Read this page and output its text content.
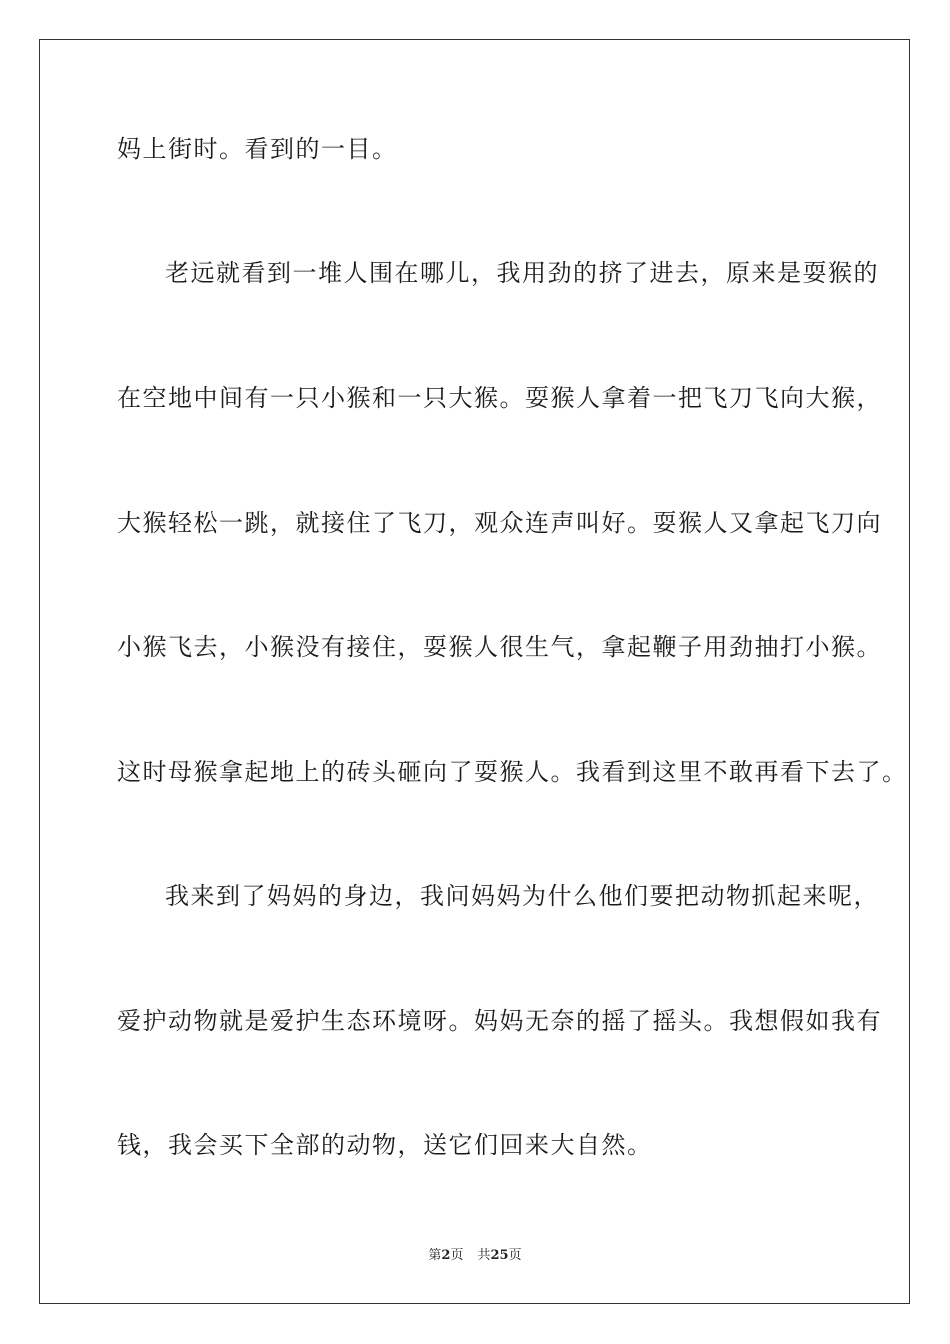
妈上街时。看到的一目。
老远就看到一堆人围在哪儿，我用劲的挤了进去，原来是耍猴的
在空地中间有一只小猴和一只大猴。耍猴人拿着一把飞刀飞向大猴，
大猴轻松一跳，就接住了飞刀，观众连声叫好。耍猴人又拿起飞刀向
小猴飞去，小猴没有接住，耍猴人很生气，拿起鞭子用劲抽打小猴。
这时母猴拿起地上的砖头砸向了耍猴人。我看到这里不敢再看下去了。
我来到了妈妈的身边，我问妈妈为什么他们要把动物抓起来呢，
爱护动物就是爱护生态环境呀。妈妈无奈的摇了摇头。我想假如我有
钱，我会买下全部的动物，送它们回来大自然。
第2页 共25页
